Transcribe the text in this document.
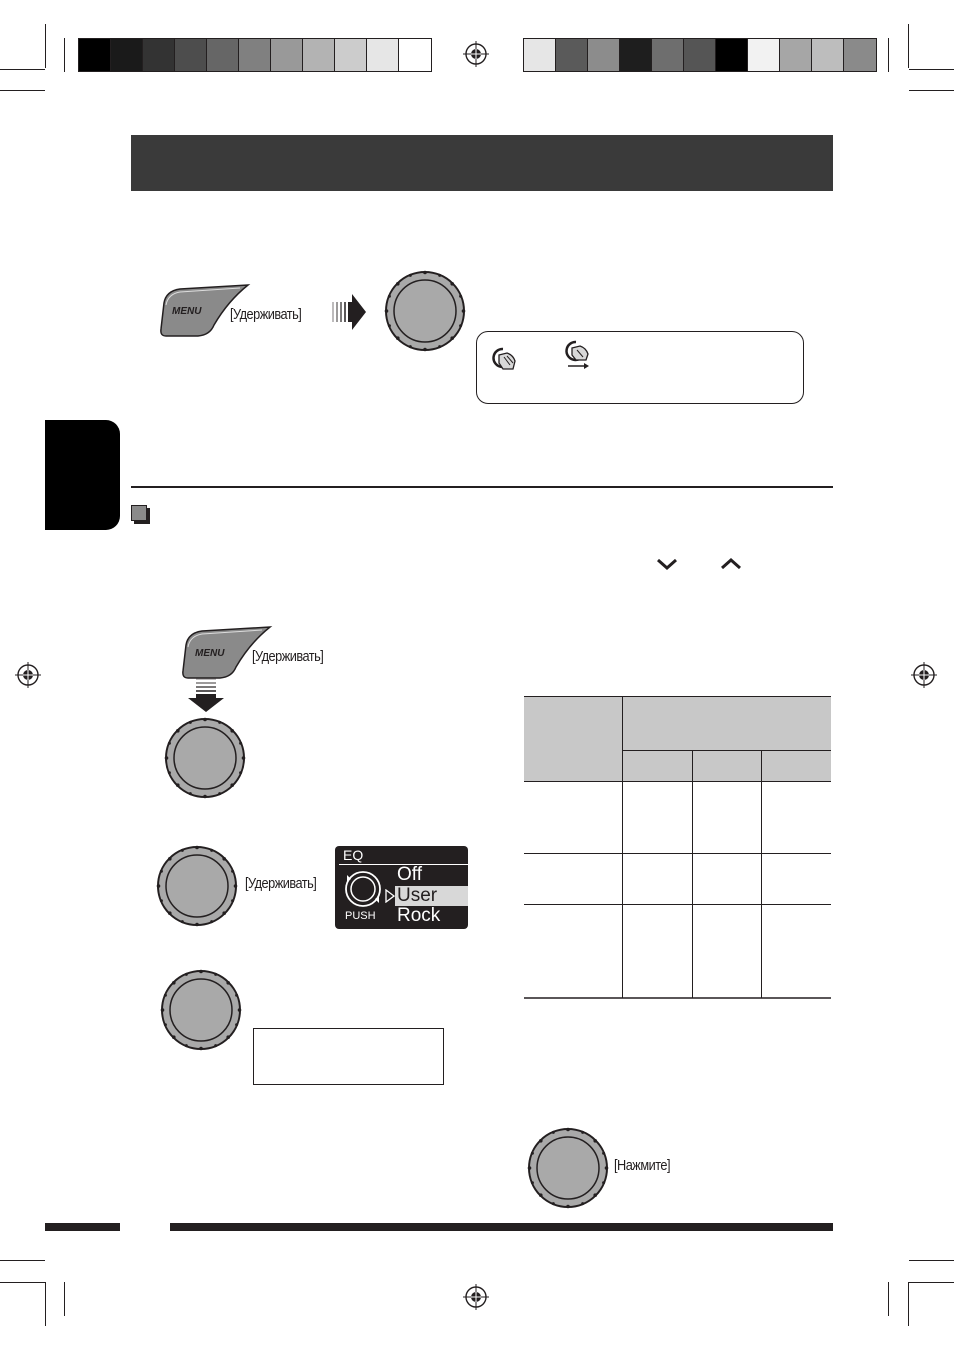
MENU [Удерживать]
MENU [Удерживать]
[Удерживать]
EQ
PUSH
Off
User
Rock
[Нажмите]
